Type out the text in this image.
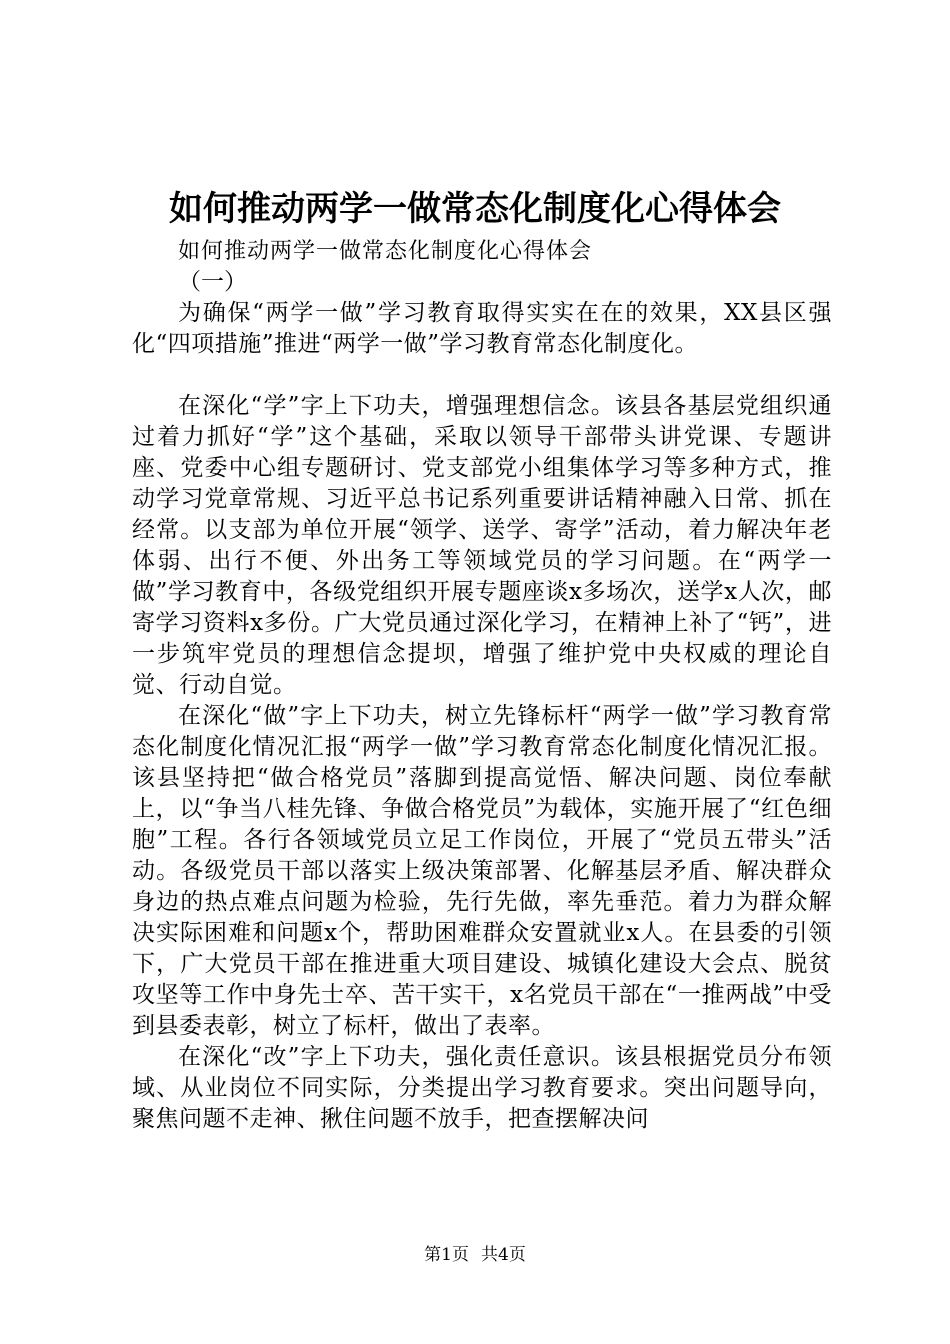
如何推动两学一做常态化制度化心得体会

如何推动两学一做常态化制度化心得体会

（一）

为确保“两学一做”学习教育取得实实在在的效果，XX县区强化“四项措施”推进“两学一做”学习教育常态化制度化。

在深化“学”字上下功夫，增强理想信念。该县各基层党组织通过着力抓好“学”这个基础，采取以领导干部带头讲党课、专题讲座、党委中心组专题研讨、党支部党小组集体学习等多种方式，推动学习党章常规、习近平总书记系列重要讲话精神融入日常、抓在经常。以支部为单位开展“领学、送学、寄学”活动，着力解决年老体弱、出行不便、外出务工等领域党员的学习问题。在“两学一做”学习教育中，各级党组织开展专题座谈x多场次，送学x人次，邮寄学习资料x多份。广大党员通过深化学习，在精神上补了“钙”，进一步筑牢党员的理想信念提坝，增强了维护党中央权威的理论自觉、行动自觉。

在深化“做”字上下功夫，树立先锋标杆“两学一做”学习教育常态化制度化情况汇报“两学一做”学习教育常态化制度化情况汇报。该县坚持把“做合格党员”落脚到提高觉悟、解决问题、岗位奉献上，以“争当八桂先锋、争做合格党员”为载体，实施开展了“红色细胞”工程。各行各领域党员立足工作岗位，开展了“党员五带头”活动。各级党员干部以落实上级决策部署、化解基层矛盾、解决群众身边的热点难点问题为检验，先行先做，率先垂范。着力为群众解决实际困难和问题x个，帮助困难群众安置就业x人。在县委的引领下，广大党员干部在推进重大项目建设、城镇化建设大会点、脱贫攻坚等工作中身先士卒、苦干实干，x名党员干部在“一推两战”中受到县委表彰，树立了标杆，做出了表率。

在深化“改”字上下功夫，强化责任意识。该县根据党员分布领域、从业岗位不同实际，分类提出学习教育要求。突出问题导向，聚焦问题不走神、揪住问题不放手，把查摆解决问

第1页 共4页
